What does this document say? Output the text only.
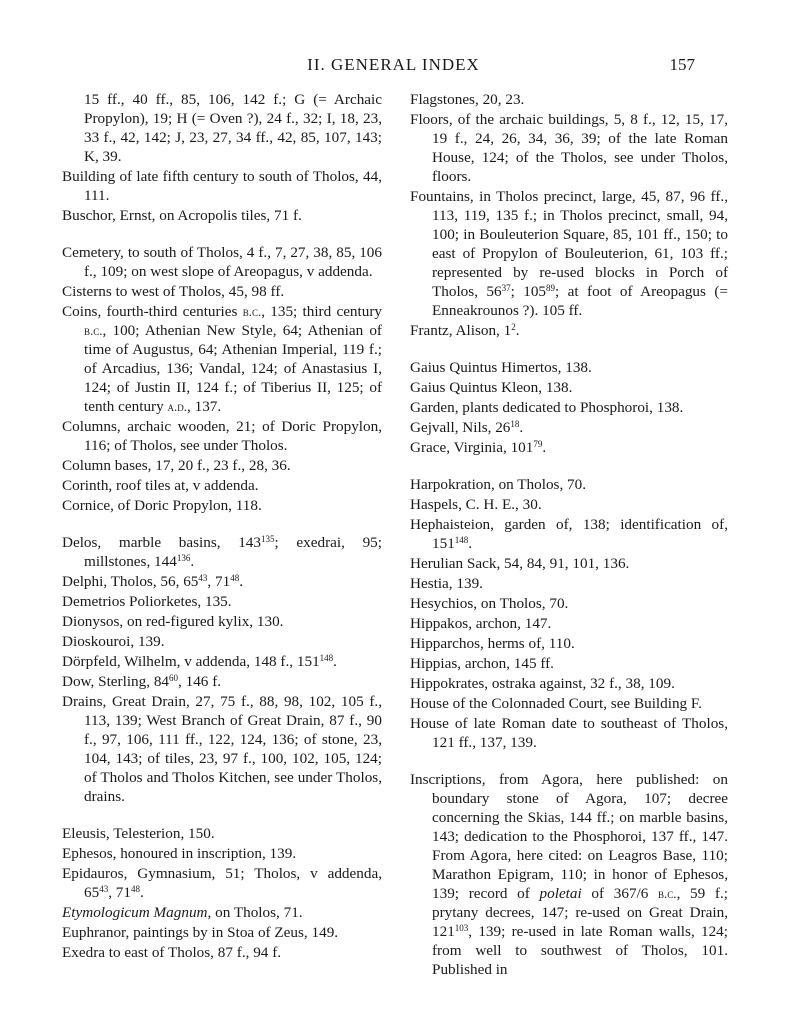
II. GENERAL INDEX	157
15 ff., 40 ff., 85, 106, 142 f.; G (= Archaic Propylon), 19; H (= Oven ?), 24 f., 32; I, 18, 23, 33 f., 42, 142; J, 23, 27, 34 ff., 42, 85, 107, 143; K, 39.
Building of late fifth century to south of Tholos, 44, 111.
Buschor, Ernst, on Acropolis tiles, 71 f.
Cemetery, to south of Tholos, 4 f., 7, 27, 38, 85, 106 f., 109; on west slope of Areopagus, v addenda.
Cisterns to west of Tholos, 45, 98 ff.
Coins, fourth-third centuries b.c., 135; third century b.c., 100; Athenian New Style, 64; Athenian of time of Augustus, 64; Athenian Imperial, 119 f.; of Arcadius, 136; Vandal, 124; of Anastasius I, 124; of Justin II, 124 f.; of Tiberius II, 125; of tenth century a.d., 137.
Columns, archaic wooden, 21; of Doric Propylon, 116; of Tholos, see under Tholos.
Column bases, 17, 20 f., 23 f., 28, 36.
Corinth, roof tiles at, v addenda.
Cornice, of Doric Propylon, 118.
Delos, marble basins, $143^{135}$; exedrai, 95; millstones, $144^{136}$.
Delphi, Tholos, 56, $65^{43}$, $71^{48}$.
Demetrios Poliorketes, 135.
Dionysos, on red-figured kylix, 130.
Dioskouroi, 139.
Dörpfeld, Wilhelm, v addenda, 148 f., $151^{148}$.
Dow, Sterling, $84^{60}$, 146 f.
Drains, Great Drain, 27, 75 f., 88, 98, 102, 105 f., 113, 139; West Branch of Great Drain, 87 f., 90 f., 97, 106, 111 ff., 122, 124, 136; of stone, 23, 104, 143; of tiles, 23, 97 f., 100, 102, 105, 124; of Tholos and Tholos Kitchen, see under Tholos, drains.
Eleusis, Telesterion, 150.
Ephesos, honoured in inscription, 139.
Epidauros, Gymnasium, 51; Tholos, v addenda, $65^{43}$, $71^{48}$.
Etymologicum Magnum, on Tholos, 71.
Euphranor, paintings by in Stoa of Zeus, 149.
Exedra to east of Tholos, 87 f., 94 f.
Flagstones, 20, 23.
Floors, of the archaic buildings, 5, 8 f., 12, 15, 17, 19 f., 24, 26, 34, 36, 39; of the late Roman House, 124; of the Tholos, see under Tholos, floors.
Fountains, in Tholos precinct, large, 45, 87, 96 ff., 113, 119, 135 f.; in Tholos precinct, small, 94, 100; in Bouleuterion Square, 85, 101 ff., 150; to east of Propylon of Bouleuterion, 61, 103 ff.; represented by re-used blocks in Porch of Tholos, $56^{37}$; $105^{89}$; at foot of Areopagus (= Enneakrounos ?). 105 ff.
Frantz, Alison, $1^2$.
Gaius Quintus Himertos, 138.
Gaius Quintus Kleon, 138.
Garden, plants dedicated to Phosphoroi, 138.
Gejvall, Nils, $26^{18}$.
Grace, Virginia, $101^{79}$.
Harpokration, on Tholos, 70.
Haspels, C. H. E., 30.
Hephaisteion, garden of, 138; identification of, $151^{148}$.
Herulian Sack, 54, 84, 91, 101, 136.
Hestia, 139.
Hesychios, on Tholos, 70.
Hippakos, archon, 147.
Hipparchos, herms of, 110.
Hippias, archon, 145 ff.
Hippokrates, ostraka against, 32 f., 38, 109.
House of the Colonnaded Court, see Building F.
House of late Roman date to southeast of Tholos, 121 ff., 137, 139.
Inscriptions, from Agora, here published: on boundary stone of Agora, 107; decree concerning the Skias, 144 ff.; on marble basins, 143; dedication to the Phosphoroi, 137 ff., 147. From Agora, here cited: on Leagros Base, 110; Marathon Epigram, 110; in honor of Ephesos, 139; record of poletai of 367/6 b.c., 59 f.; prytany decrees, 147; re-used on Great Drain, $121^{103}$, 139; re-used in late Roman walls, 124; from well to southwest of Tholos, 101. Published in
